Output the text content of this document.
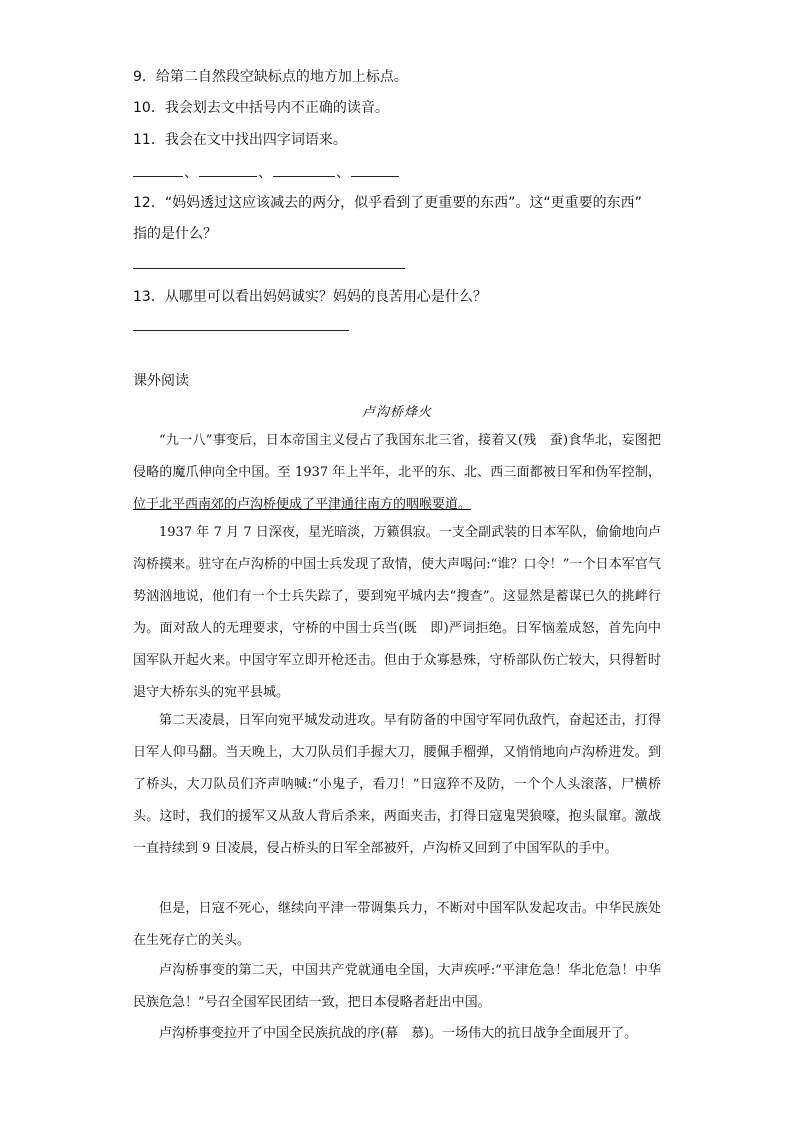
9．给第二自然段空缺标点的地方加上标点。
10．我会划去文中括号内不正确的读音。
11．我会在文中找出四字词语来。
、	、	、
12．“妈妈透过这应该减去的两分，似乎看到了更重要的东西”。这“更重要的东西”
指的是什么？
13．从哪里可以看出妈妈诚实？妈妈的良苦用心是什么？
课外阅读
卢沟桥烽火
“九一八”事变后，日本帝国主义侵占了我国东北三省，接着又(残　蚕)食华北，妄图把侵略的魔爪伸向全中国。至 1937 年上半年，北平的东、北、西三面都被日军和伪军控制，位于北平西南郊的卢沟桥便成了平津通往南方的咽喉要道。
1937 年 7 月 7 日深夜，星光暗淡，万籁俱寂。一支全副武装的日本军队，偷偷地向卢沟桥摸来。驻守在卢沟桥的中国士兵发现了敌情，使大声喝问:“谁？口令！”一个日本军官气势汹汹地说，他们有一个士兵失踪了，要到宛平城内去“搜查”。这显然是蓄谋已久的挑衅行为。面对敌人的无理要求，守桥的中国士兵当(既　即)严词拒绝。日军恼羞成怒，首先向中国军队开起火来。中国守军立即开枪还击。但由于众寡悬殊，守桥部队伤亡较大，只得暂时退守大桥东头的宛平县城。
第二天凌晨，日军向宛平城发动进攻。早有防备的中国守军同仇敌忾，奋起还击，打得日军人仰马翻。当天晚上，大刀队员们手握大刀，腰佩手榴弹，又悄悄地向卢沟桥进发。到了桥头，大刀队员们齐声呐喊:“小鬼子，看刀！”日寇猝不及防，一个个人头滚落，尸横桥头。这时，我们的援军又从敌人背后杀来，两面夹击，打得日寇鬼哭狼嚎，抱头鼠窜。激战一直持续到 9 日凌晨，侵占桥头的日军全部被歼，卢沟桥又回到了中国军队的手中。
但是，日寇不死心，继续向平津一带调集兵力，不断对中国军队发起攻击。中华民族处在生死存亡的关头。
卢沟桥事变的第二天，中国共产党就通电全国，大声疾呼:“平津危急！华北危急！中华民族危急！”号召全国军民团结一致，把日本侵略者赶出中国。
卢沟桥事变拉开了中国全民族抗战的序(幕　慕)。一场伟大的抗日战争全面展开了。
